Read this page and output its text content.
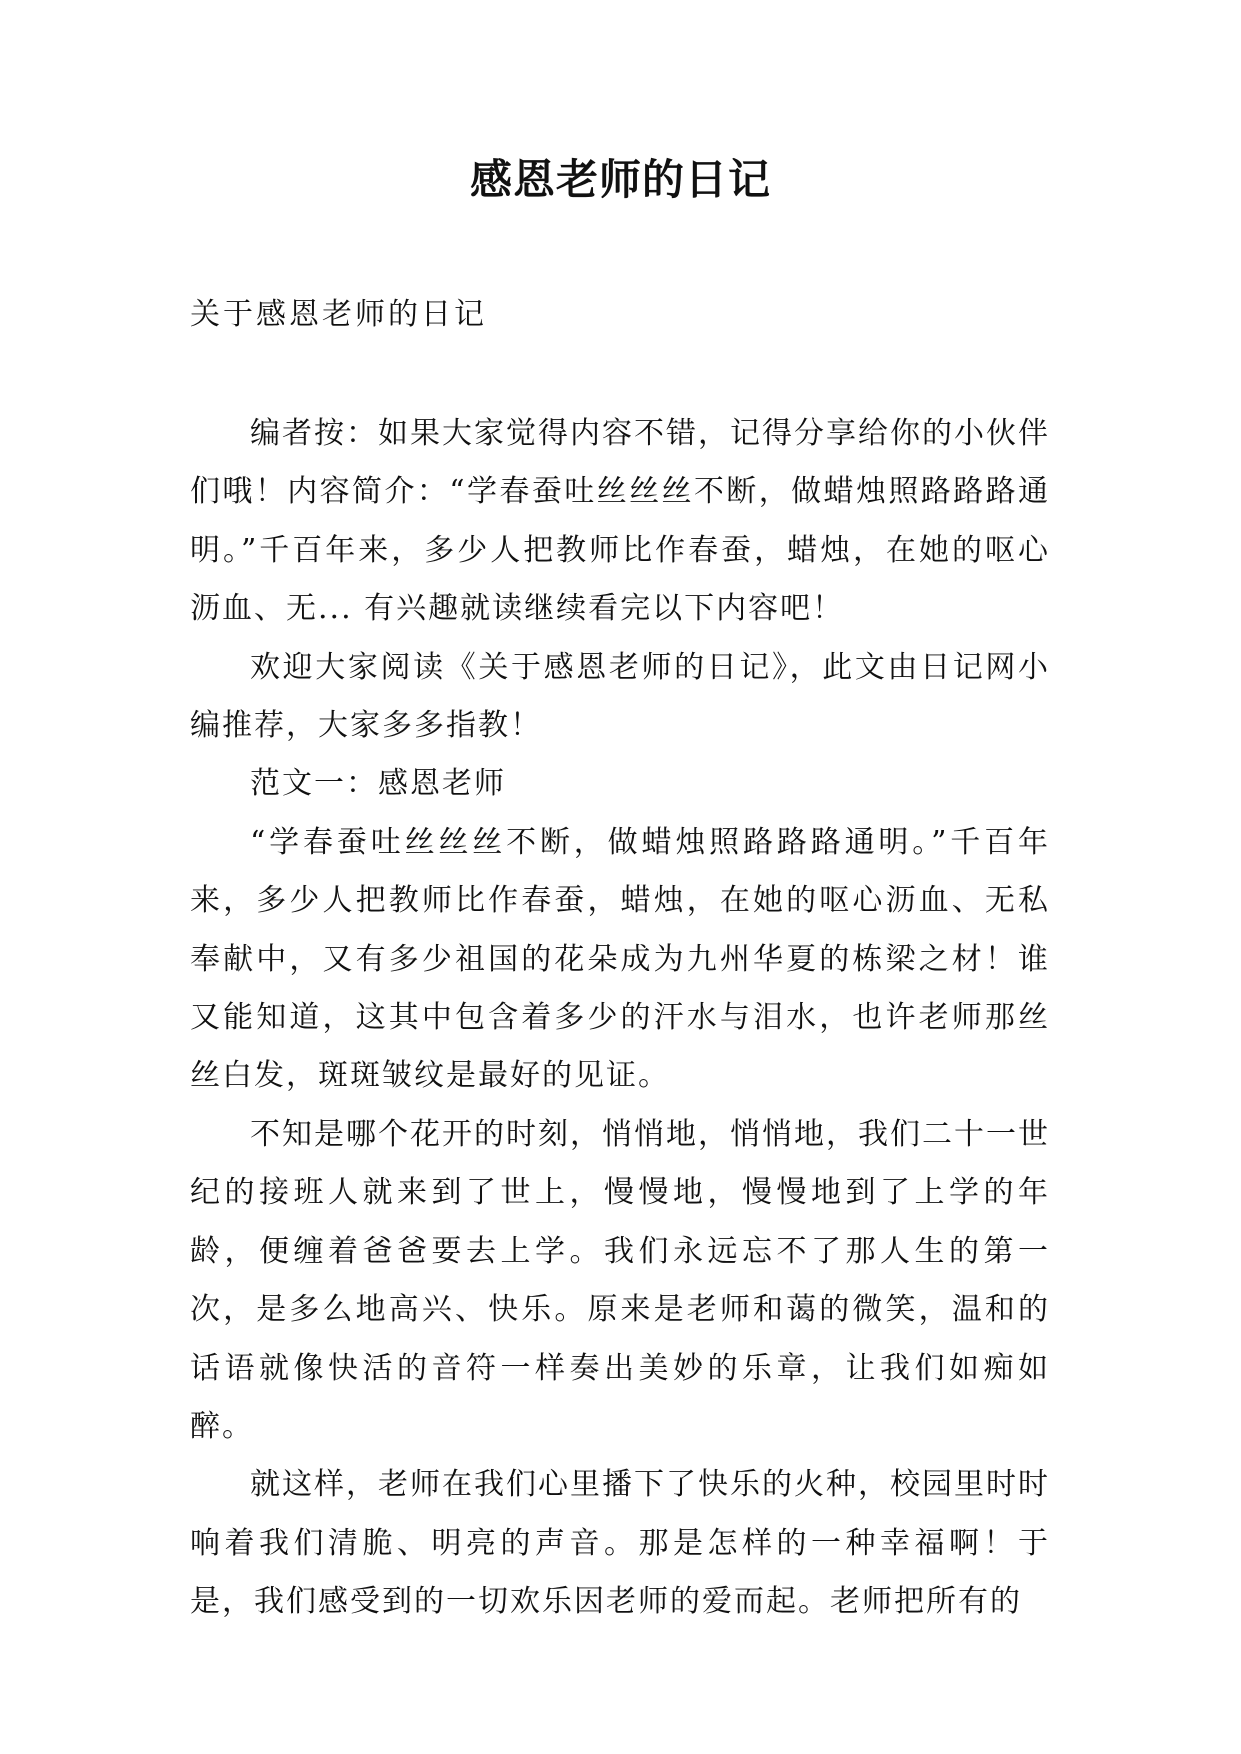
感恩老师的日记

关于感恩老师的日记

编者按：如果大家觉得内容不错，记得分享给你的小伙伴们哦！内容简介：“学春蚕吐丝丝丝不断，做蜡烛照路路路通明。”千百年来，多少人把教师比作春蚕，蜡烛，在她的呕心沥血、无... 有兴趣就读继续看完以下内容吧！

欢迎大家阅读《关于感恩老师的日记》，此文由日记网小编推荐，大家多多指教！

范文一：感恩老师

“学春蚕吐丝丝丝不断，做蜡烛照路路路通明。”千百年来，多少人把教师比作春蚕，蜡烛，在她的呕心沥血、无私奉献中，又有多少祖国的花朵成为九州华夏的栋梁之材！谁又能知道，这其中包含着多少的汗水与泪水，也许老师那丝丝白发，斑斑皱纹是最好的见证。

不知是哪个花开的时刻，悄悄地，悄悄地，我们二十一世纪的接班人就来到了世上，慢慢地，慢慢地到了上学的年龄，便缠着爸爸要去上学。我们永远忘不了那人生的第一次，是多么地高兴、快乐。原来是老师和蔼的微笑，温和的话语就像快活的音符一样奏出美妙的乐章，让我们如痴如醉。

就这样，老师在我们心里播下了快乐的火种，校园里时时响着我们清脆、明亮的声音。那是怎样的一种幸福啊！于是，我们感受到的一切欢乐因老师的爱而起。老师把所有的
